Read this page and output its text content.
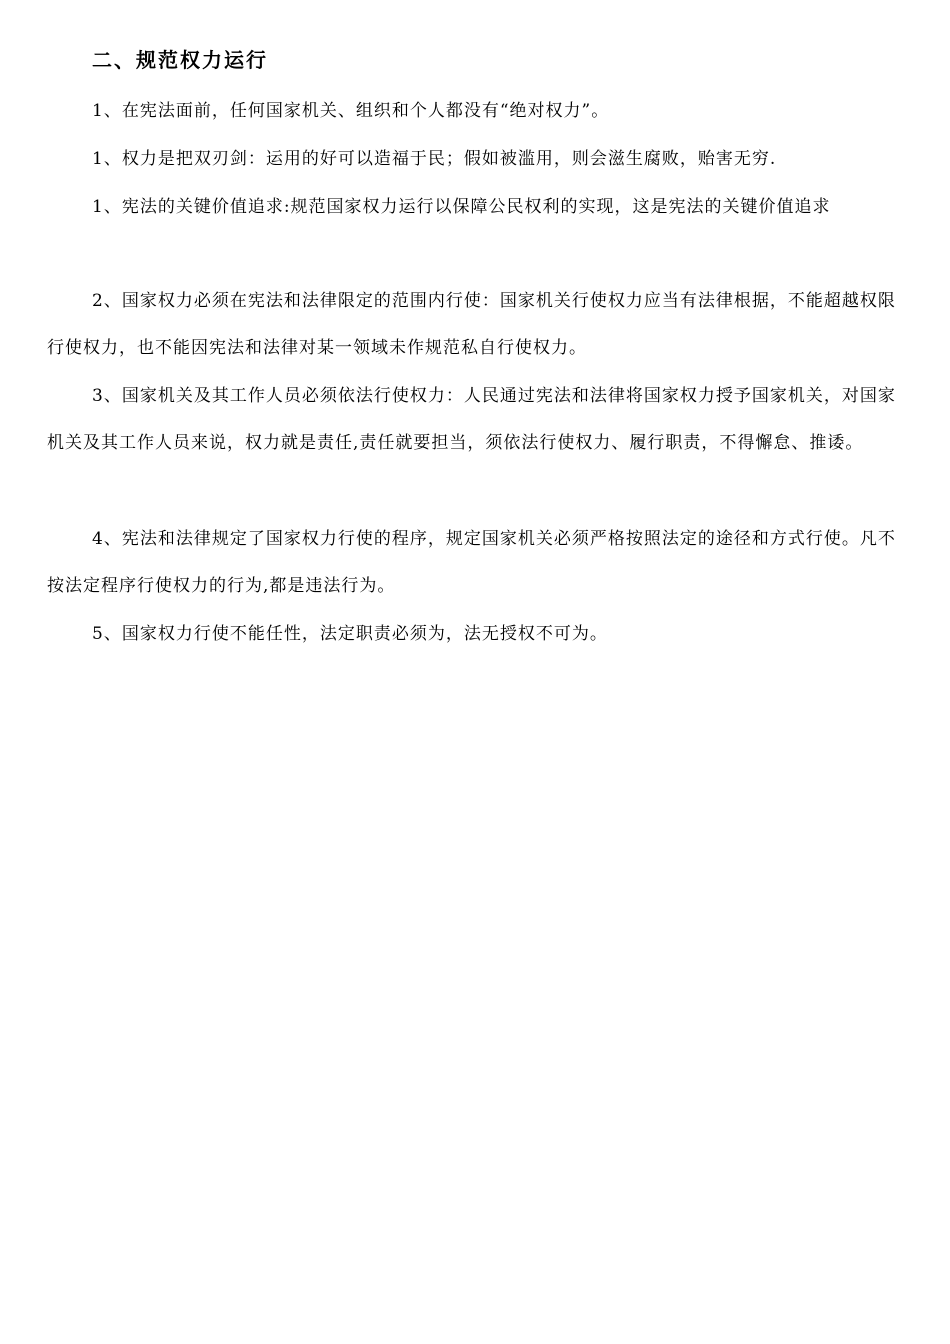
二、规范权力运行

1、在宪法面前，任何国家机关、组织和个人都没有“绝对权力”。

1、权力是把双刃剑：运用的好可以造福于民；假如被滥用，则会滋生腐败，贻害无穷.

1、宪法的关键价值追求:规范国家权力运行以保障公民权利的实现，这是宪法的关键价值追求

2、国家权力必须在宪法和法律限定的范围内行使：国家机关行使权力应当有法律根据，不能超越权限行使权力，也不能因宪法和法律对某一领域未作规范私自行使权力。

3、国家机关及其工作人员必须依法行使权力：人民通过宪法和法律将国家权力授予国家机关，对国家机关及其工作人员来说，权力就是责任,责任就要担当，须依法行使权力、履行职责，不得懈怠、推诿。

4、宪法和法律规定了国家权力行使的程序，规定国家机关必须严格按照法定的途径和方式行使。凡不按法定程序行使权力的行为,都是违法行为。

5、国家权力行使不能任性，法定职责必须为，法无授权不可为。
